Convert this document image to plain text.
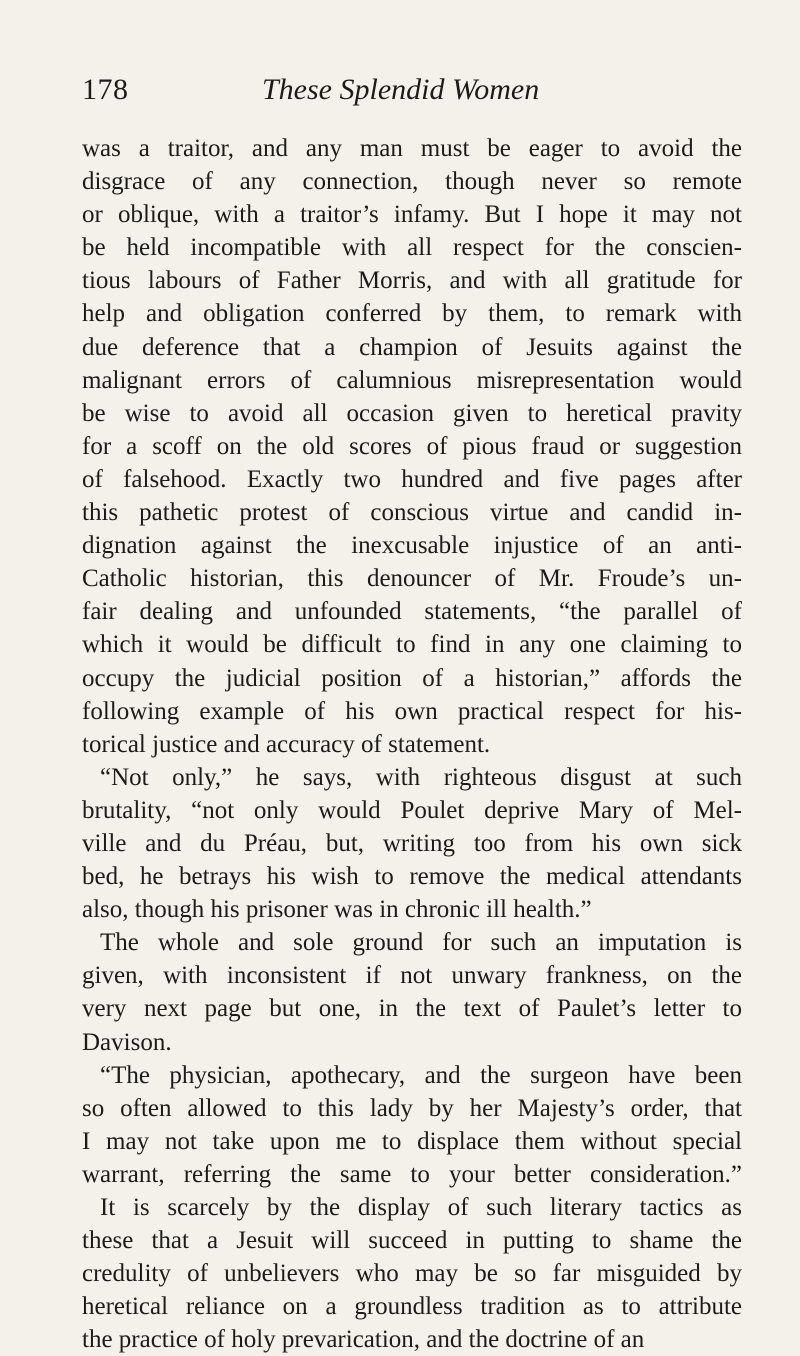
178	These Splendid Women
was a traitor, and any man must be eager to avoid the
disgrace of any connection, though never so remote
or oblique, with a traitor’s infamy. But I hope it may not
be held incompatible with all respect for the conscien-
tious labours of Father Morris, and with all gratitude for
help and obligation conferred by them, to remark with
due deference that a champion of Jesuits against the
malignant errors of calumnious misrepresentation would
be wise to avoid all occasion given to heretical pravity
for a scoff on the old scores of pious fraud or suggestion
of falsehood. Exactly two hundred and five pages after
this pathetic protest of conscious virtue and candid in-
dignation against the inexcusable injustice of an anti-
Catholic historian, this denouncer of Mr. Froude’s un-
fair dealing and unfounded statements, “the parallel of
which it would be difficult to find in any one claiming to
occupy the judicial position of a historian,” affords the
following example of his own practical respect for his-
torical justice and accuracy of statement.
“Not only,” he says, with righteous disgust at such
brutality, “not only would Poulet deprive Mary of Mel-
ville and du Préau, but, writing too from his own sick
bed, he betrays his wish to remove the medical attendants
also, though his prisoner was in chronic ill health.”
The whole and sole ground for such an imputation is
given, with inconsistent if not unwary frankness, on the
very next page but one, in the text of Paulet’s letter to
Davison.
“The physician, apothecary, and the surgeon have been
so often allowed to this lady by her Majesty’s order, that
I may not take upon me to displace them without special
warrant, referring the same to your better consideration.”
It is scarcely by the display of such literary tactics as
these that a Jesuit will succeed in putting to shame the
credulity of unbelievers who may be so far misguided by
heretical reliance on a groundless tradition as to attribute
the practice of holy prevarication, and the doctrine of an
